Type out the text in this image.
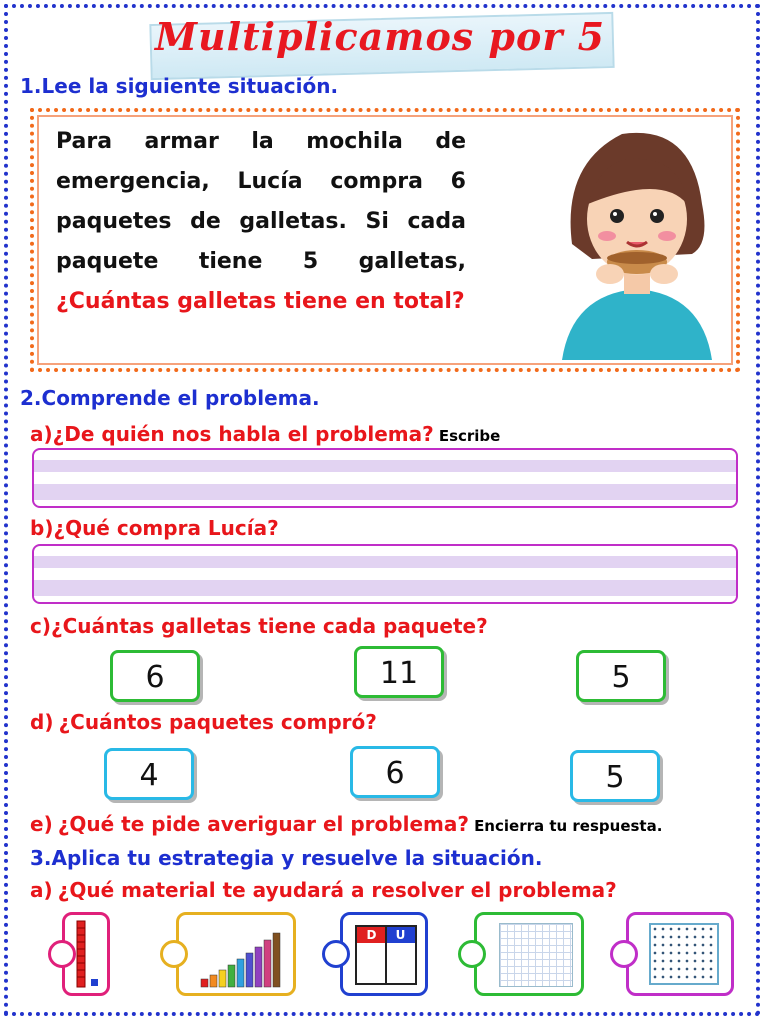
Multiplicamos por 5
1.Lee la siguiente situación.
Para armar la mochila de emergencia, Lucía compra 6 paquetes de galletas. Si cada paquete tiene 5 galletas, ¿Cuántas galletas tiene en total?
2.Comprende el problema.
a)¿De quién nos habla el problema? Escribe
b)¿Qué compra Lucía?
c)¿Cuántas galletas tiene cada paquete?
6	11	5
d) ¿Cuántos paquetes compró?
4	6	5
e) ¿Qué te pide averiguar el problema? Encierra tu respuesta.
3.Aplica tu estrategia y resuelve la situación.
a) ¿Qué material te ayudará a resolver el problema?
D	U
